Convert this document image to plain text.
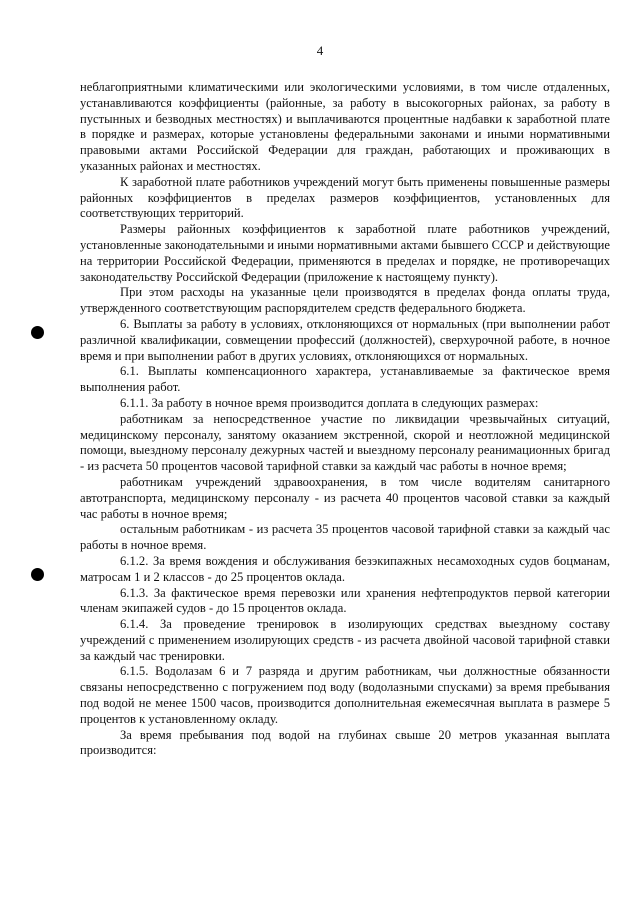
4

неблагоприятными климатическими или экологическими условиями, в том числе отдаленных, устанавливаются коэффициенты (районные, за работу в высокогорных районах, за работу в пустынных и безводных местностях) и выплачиваются процентные надбавки к заработной плате в порядке и размерах, которые установлены федеральными законами и иными нормативными правовыми актами Российской Федерации для граждан, работающих и проживающих в указанных районах и местностях.

К заработной плате работников учреждений могут быть применены повышенные размеры районных коэффициентов в пределах размеров коэффициентов, установленных для соответствующих территорий.

Размеры районных коэффициентов к заработной плате работников учреждений, установленные законодательными и иными нормативными актами бывшего СССР и действующие на территории Российской Федерации, применяются в пределах и порядке, не противоречащих законодательству Российской Федерации (приложение к настоящему пункту).

При этом расходы на указанные цели производятся в пределах фонда оплаты труда, утвержденного соответствующим распорядителем средств федерального бюджета.

6. Выплаты за работу в условиях, отклоняющихся от нормальных (при выполнении работ различной квалификации, совмещении профессий (должностей), сверхурочной работе, в ночное время и при выполнении работ в других условиях, отклоняющихся от нормальных.

6.1. Выплаты компенсационного характера, устанавливаемые за фактическое время выполнения работ.

6.1.1. За работу в ночное время производится доплата в следующих размерах:

работникам за непосредственное участие по ликвидации чрезвычайных ситуаций, медицинскому персоналу, занятому оказанием экстренной, скорой и неотложной медицинской помощи, выездному персоналу дежурных частей и выездному персоналу реанимационных бригад - из расчета 50 процентов часовой тарифной ставки за каждый час работы в ночное время;

работникам учреждений здравоохранения, в том числе водителям санитарного автотранспорта, медицинскому персоналу - из расчета 40 процентов часовой ставки за каждый час работы в ночное время;

остальным работникам - из расчета 35 процентов часовой тарифной ставки за каждый час работы в ночное время.

6.1.2. За время вождения и обслуживания безэкипажных несамоходных судов боцманам, матросам 1 и 2 классов - до 25 процентов оклада.

6.1.3. За фактическое время перевозки или хранения нефтепродуктов первой категории членам экипажей судов - до 15 процентов оклада.

6.1.4. За проведение тренировок в изолирующих средствах выездному составу учреждений с применением изолирующих средств - из расчета двойной часовой тарифной ставки за каждый час тренировки.

6.1.5. Водолазам 6 и 7 разряда и другим работникам, чьи должностные обязанности связаны непосредственно с погружением под воду (водолазными спусками) за время пребывания под водой не менее 1500 часов, производится дополнительная ежемесячная выплата в размере 5 процентов к установленному окладу.

За время пребывания под водой на глубинах свыше 20 метров указанная выплата производится:
